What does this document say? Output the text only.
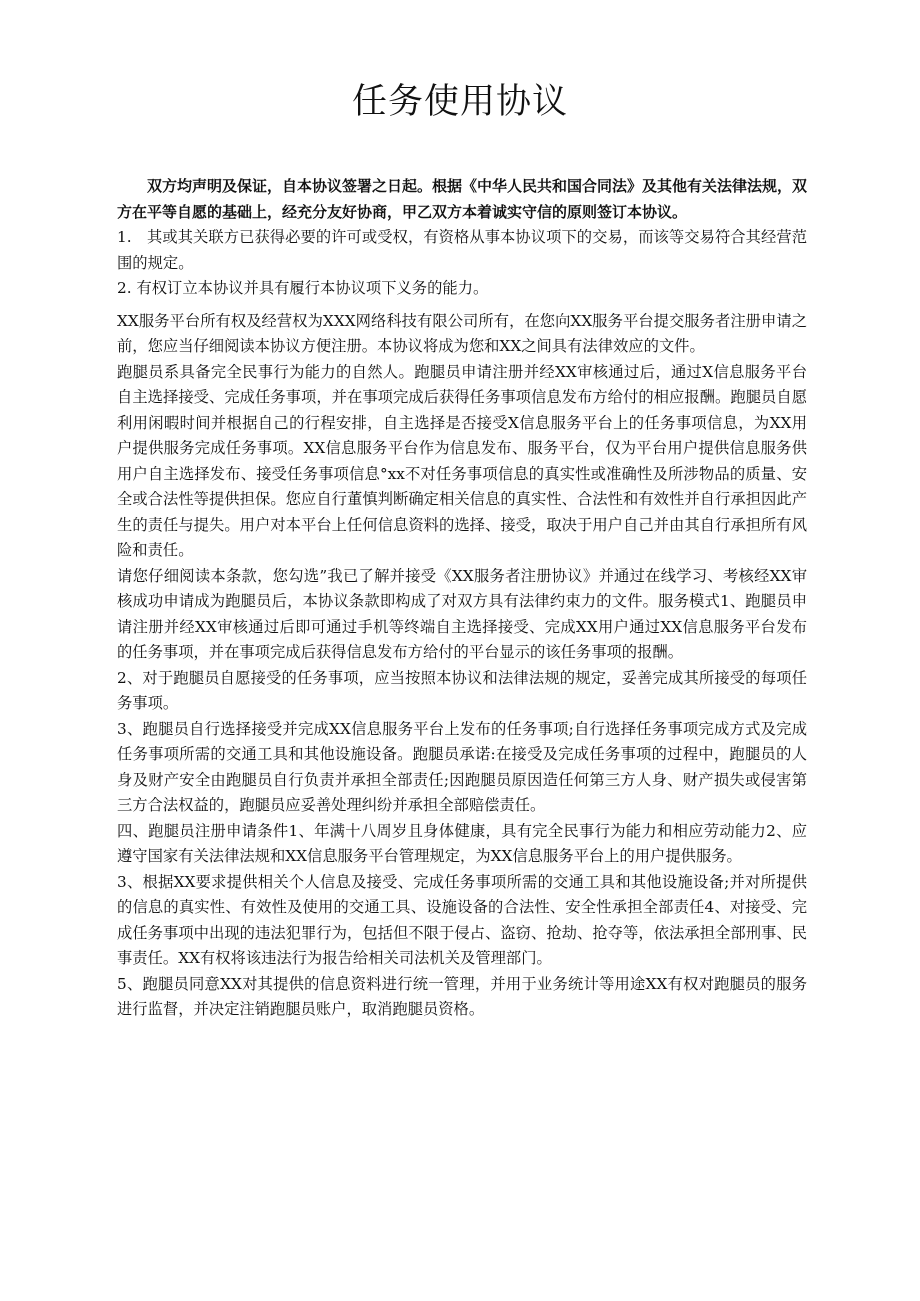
任务使用协议

双方均声明及保证，自本协议签署之日起。根据《中华人民共和国合同法》及其他有关法律法规，双方在平等自愿的基础上，经充分友好协商，甲乙双方本着诚实守信的原则签订本协议。

1.　其或其关联方已获得必要的许可或受权，有资格从事本协议项下的交易，而该等交易符合其经营范围的规定。

2. 有权订立本协议并具有履行本协议项下义务的能力。

XX服务平台所有权及经营权为XXX网络科技有限公司所有，在您向XX服务平台提交服务者注册申请之前，您应当仔细阅读本协议方便注册。本协议将成为您和XX之间具有法律效应的文件。

跑腿员系具备完全民事行为能力的自然人。跑腿员申请注册并经XX审核通过后，通过X信息服务平台自主选择接受、完成任务事项，并在事项完成后获得任务事项信息发布方给付的相应报酬。跑腿员自愿利用闲暇时间并根据自己的行程安排，自主选择是否接受X信息服务平台上的任务事项信息，为XX用户提供服务完成任务事项。XX信息服务平台作为信息发布、服务平台，仅为平台用户提供信息服务供用户自主选择发布、接受任务事项信息°xx不对任务事项信息的真实性或准确性及所涉物品的质量、安全或合法性等提供担保。您应自行董慎判断确定相关信息的真实性、合法性和有效性并自行承担因此产生的责任与提失。用户对本平台上任何信息资料的选择、接受，取决于用户自己并由其自行承担所有风险和责任。

请您仔细阅读本条款，您勾选”我已了解并接受《XX服务者注册协议》并通过在线学习、考核经XX审核成功申请成为跑腿员后，本协议条款即构成了对双方具有法律约束力的文件。服务模式1、跑腿员申请注册并经XX审核通过后即可通过手机等终端自主选择接受、完成XX用户通过XX信息服务平台发布的任务事项，并在事项完成后获得信息发布方给付的平台显示的该任务事项的报酬。

2、对于跑腿员自愿接受的任务事项，应当按照本协议和法律法规的规定，妥善完成其所接受的每项任务事项。

3、跑腿员自行选择接受并完成XX信息服务平台上发布的任务事项;自行选择任务事项完成方式及完成任务事项所需的交通工具和其他设施设备。跑腿员承诺:在接受及完成任务事项的过程中，跑腿员的人身及财产安全由跑腿员自行负责并承担全部责任;因跑腿员原因造任何第三方人身、财产损失或侵害第三方合法权益的，跑腿员应妥善处理纠纷并承担全部赔偿责任。

四、跑腿员注册申请条件1、年满十八周岁且身体健康，具有完全民事行为能力和相应劳动能力2、应遵守国家有关法律法规和XX信息服务平台管理规定，为XX信息服务平台上的用户提供服务。

3、根据XX要求提供相关个人信息及接受、完成任务事项所需的交通工具和其他设施设备;并对所提供的信息的真实性、有效性及使用的交通工具、设施设备的合法性、安全性承担全部责任4、对接受、完成任务事项中出现的违法犯罪行为，包括但不限于侵占、盗窃、抢劫、抢夺等，依法承担全部刑事、民事责任。XX有权将该违法行为报告给相关司法机关及管理部门。

5、跑腿员同意XX对其提供的信息资料进行统一管理，并用于业务统计等用途XX有权对跑腿员的服务进行监督，并决定注销跑腿员账户，取消跑腿员资格。
